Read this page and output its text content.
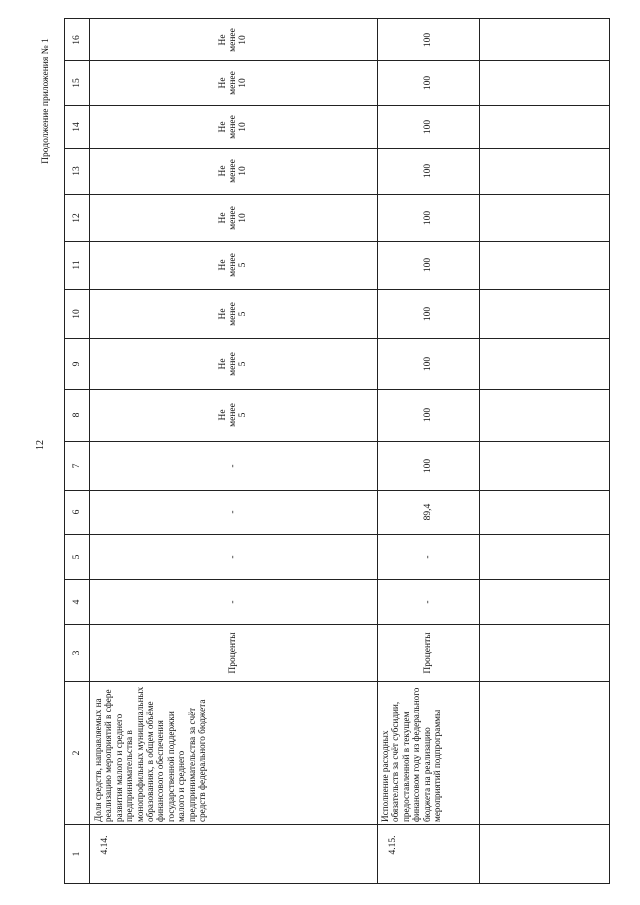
12
Продолжение приложения № 1 16
15
14
13
12
11
10
9
8
7
6
5
4
3
2
1 4.14.
Доля средств, направляемых на реализацию мероприятий в сфере развития малого и среднего предпринимательства в монопрофильных муниципальных образованиях, в общем объёме финансового обеспечения государственной поддержки малого и среднего предпринимательства за счёт средств федерального бюджета
Проценты
-
-
-
-
Не
менее
5
Не
менее
5
Не
менее
5
Не
менее
5
Не
менее
10
Не
менее
10
Не
менее
10
Не
менее
10
Не
менее
10
4.15.
Исполнение расходных обязательств за счёт субсидии, предоставленной в текущем финансовом году из федерального бюджета на реализацию мероприятий подпрограммы
Проценты
-
-
89,4
100
100
100
100
100
100
100
100
100
100
